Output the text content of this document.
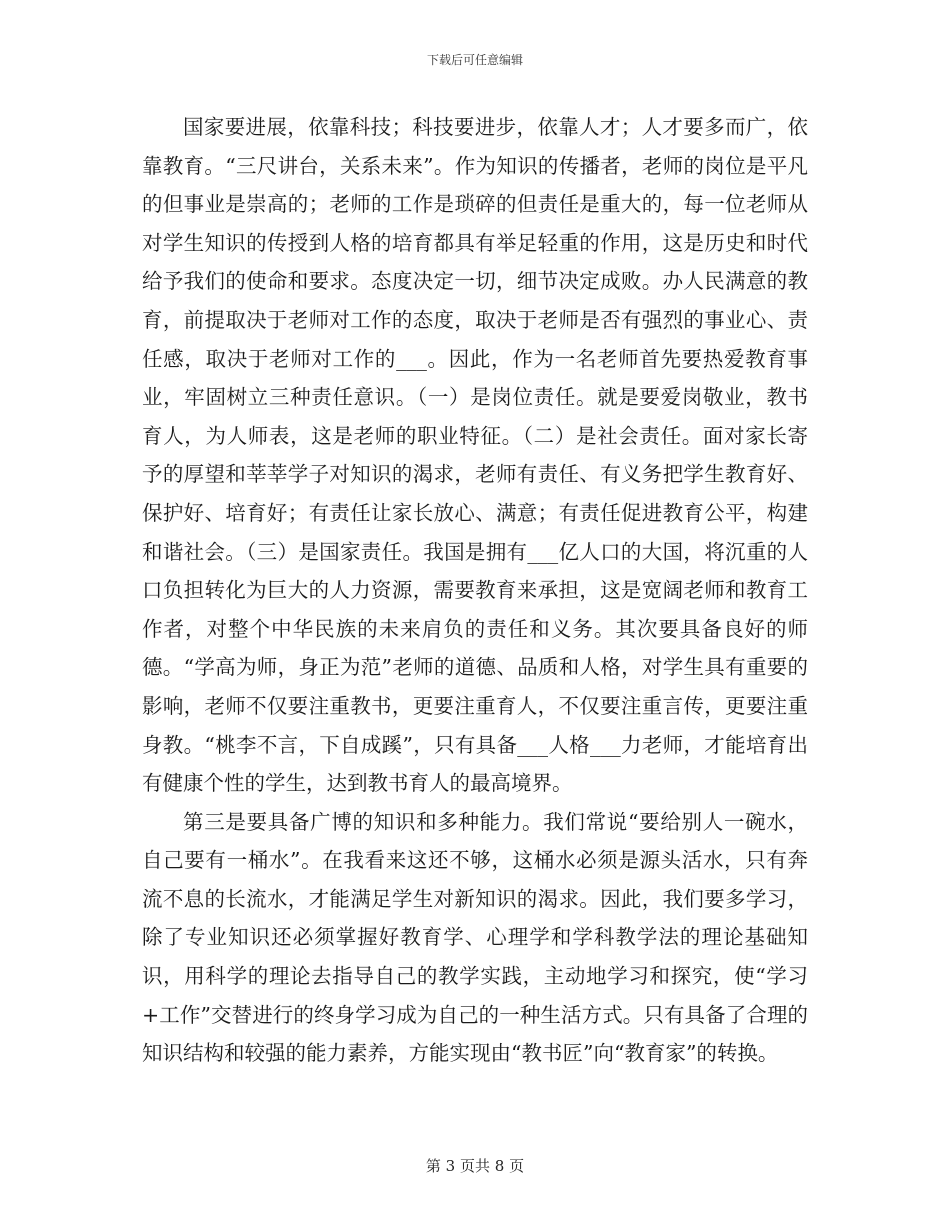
下载后可任意编辑

国家要进展，依靠科技；科技要进步，依靠人才；人才要多而广，依靠教育。“三尺讲台，关系未来”。作为知识的传播者，老师的岗位是平凡的但事业是崇高的；老师的工作是琐碎的但责任是重大的，每一位老师从对学生知识的传授到人格的培育都具有举足轻重的作用，这是历史和时代给予我们的使命和要求。态度决定一切，细节决定成败。办人民满意的教育，前提取决于老师对工作的态度，取决于老师是否有强烈的事业心、责任感，取决于老师对工作的___。因此，作为一名老师首先要热爱教育事业，牢固树立三种责任意识。（一）是岗位责任。就是要爱岗敬业，教书育人，为人师表，这是老师的职业特征。（二）是社会责任。面对家长寄予的厚望和莘莘学子对知识的渴求，老师有责任、有义务把学生教育好、保护好、培育好；有责任让家长放心、满意；有责任促进教育公平，构建和谐社会。（三）是国家责任。我国是拥有___亿人口的大国，将沉重的人口负担转化为巨大的人力资源，需要教育来承担，这是宽阔老师和教育工作者，对整个中华民族的未来肩负的责任和义务。其次要具备良好的师德。“学高为师，身正为范”老师的道德、品质和人格，对学生具有重要的影响，老师不仅要注重教书，更要注重育人，不仅要注重言传，更要注重身教。“桃李不言，下自成蹊”，只有具备___人格___力老师，才能培育出有健康个性的学生，达到教书育人的最高境界。

第三是要具备广博的知识和多种能力。我们常说“要给别人一碗水，自己要有一桶水”。在我看来这还不够，这桶水必须是源头活水，只有奔流不息的长流水，才能满足学生对新知识的渴求。因此，我们要多学习，除了专业知识还必须掌握好教育学、心理学和学科教学法的理论基础知识，用科学的理论去指导自己的教学实践，主动地学习和探究，使“学习+工作”交替进行的终身学习成为自己的一种生活方式。只有具备了合理的知识结构和较强的能力素养，方能实现由“教书匠”向“教育家”的转换。

第 3 页共 8 页
